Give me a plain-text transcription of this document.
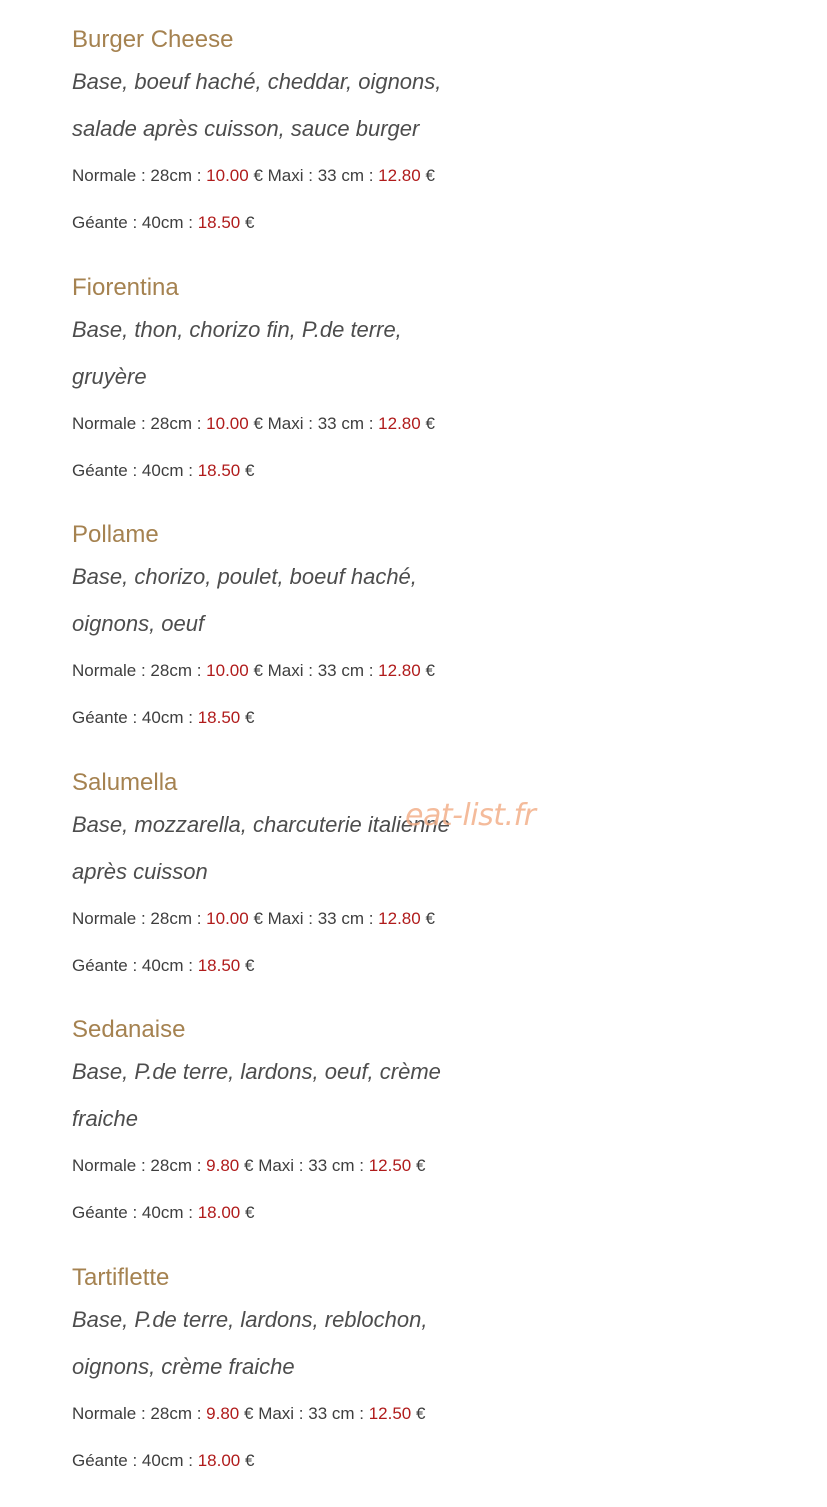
Burger Cheese

Base, boeuf haché, cheddar, oignons, salade après cuisson, sauce burger

Normale : 28cm : 10.00 € Maxi : 33 cm : 12.80 €
Géante : 40cm : 18.50 €
Fiorentina

Base, thon, chorizo fin, P.de terre, gruyère

Normale : 28cm : 10.00 € Maxi : 33 cm : 12.80 €
Géante : 40cm : 18.50 €
Pollame

Base, chorizo, poulet, boeuf haché, oignons, oeuf

Normale : 28cm : 10.00 € Maxi : 33 cm : 12.80 €
Géante : 40cm : 18.50 €
Salumella

Base, mozzarella, charcuterie italienne après cuisson

Normale : 28cm : 10.00 € Maxi : 33 cm : 12.80 €
Géante : 40cm : 18.50 €
Sedanaise

Base, P.de terre, lardons, oeuf, crème fraiche

Normale : 28cm : 9.80 € Maxi : 33 cm : 12.50 €
Géante : 40cm : 18.00 €
Tartiflette

Base, P.de terre, lardons, reblochon, oignons, crème fraiche

Normale : 28cm : 9.80 € Maxi : 33 cm : 12.50 €
Géante : 40cm : 18.00 €
eat-list.fr
